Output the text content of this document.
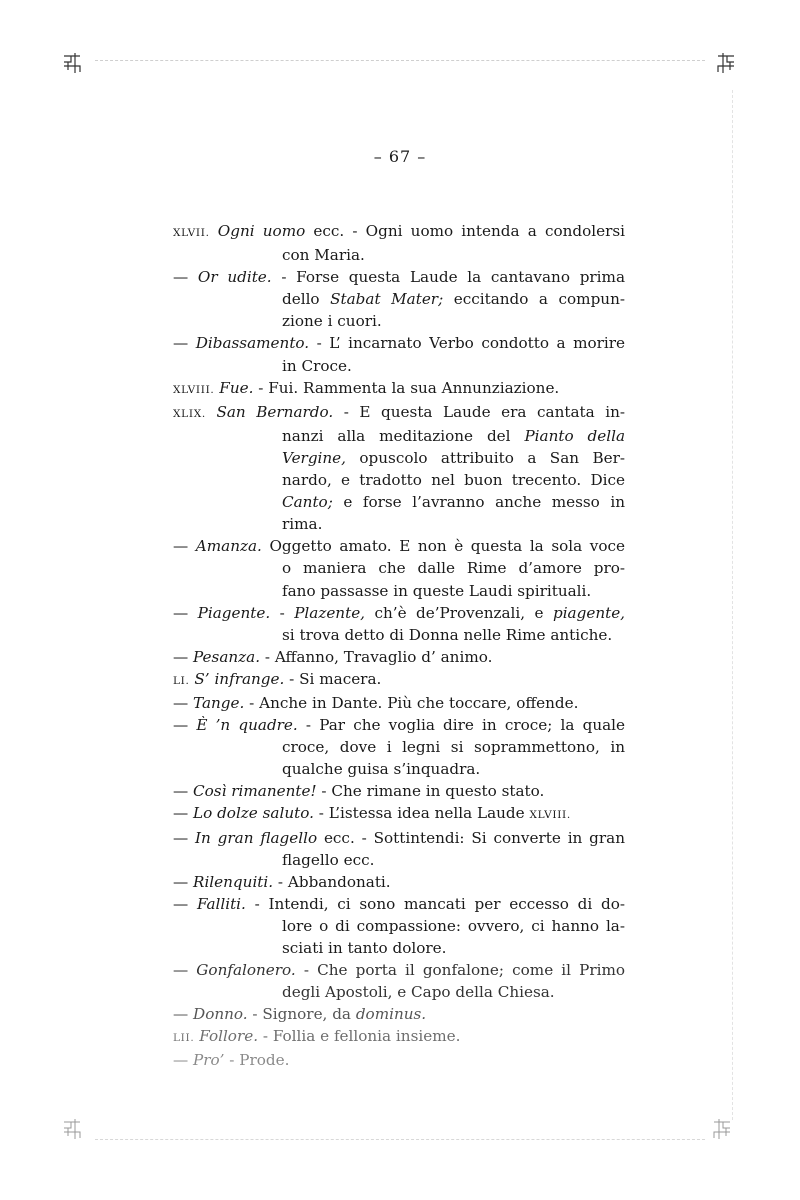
– 67 –
XLVII. Ogni uomo ecc. - Ogni uomo intenda a condolersi
con Maria.
— Or udite. - Forse questa Laude la cantavano prima
dello Stabat Mater; eccitando a compun-
zione i cuori.
— Dibassamento. - L’ incarnato Verbo condotto a morire
in Croce.
XLVIII. Fue. - Fui. Rammenta la sua Annunziazione.
XLIX. San Bernardo. - E questa Laude era cantata in-
nanzi alla meditazione del Pianto della
Vergine, opuscolo attribuito a San Ber-
nardo, e tradotto nel buon trecento. Dice
Canto; e forse l’avranno anche messo in
rima.
— Amanza. Oggetto amato. E non è questa la sola voce
o maniera che dalle Rime d’amore pro-
fano passasse in queste Laudi spirituali.
— Piagente. - Plazente, ch’è de’Provenzali, e piagente,
si trova detto di Donna nelle Rime antiche.
— Pesanza. - Affanno, Travaglio d’ animo.
LI. S’ infrange. - Si macera.
— Tange. - Anche in Dante. Più che toccare, offende.
— È ’n quadre. - Par che voglia dire in croce; la quale
croce, dove i legni si soprammettono, in
qualche guisa s’inquadra.
— Così rimanente! - Che rimane in questo stato.
— Lo dolze saluto. - L’istessa idea nella Laude XLVIII.
— In gran flagello ecc. - Sottintendi: Si converte in gran
flagello ecc.
— Rilenquiti. - Abbandonati.
— Falliti. - Intendi, ci sono mancati per eccesso di do-
lore o di compassione: ovvero, ci hanno la-
sciati in tanto dolore.
— Gonfalonero. - Che porta il gonfalone; come il Primo
degli Apostoli, e Capo della Chiesa.
— Donno. - Signore, da dominus.
LII. Follore. - Follia e fellonia insieme.
— Pro’ - Prode.
